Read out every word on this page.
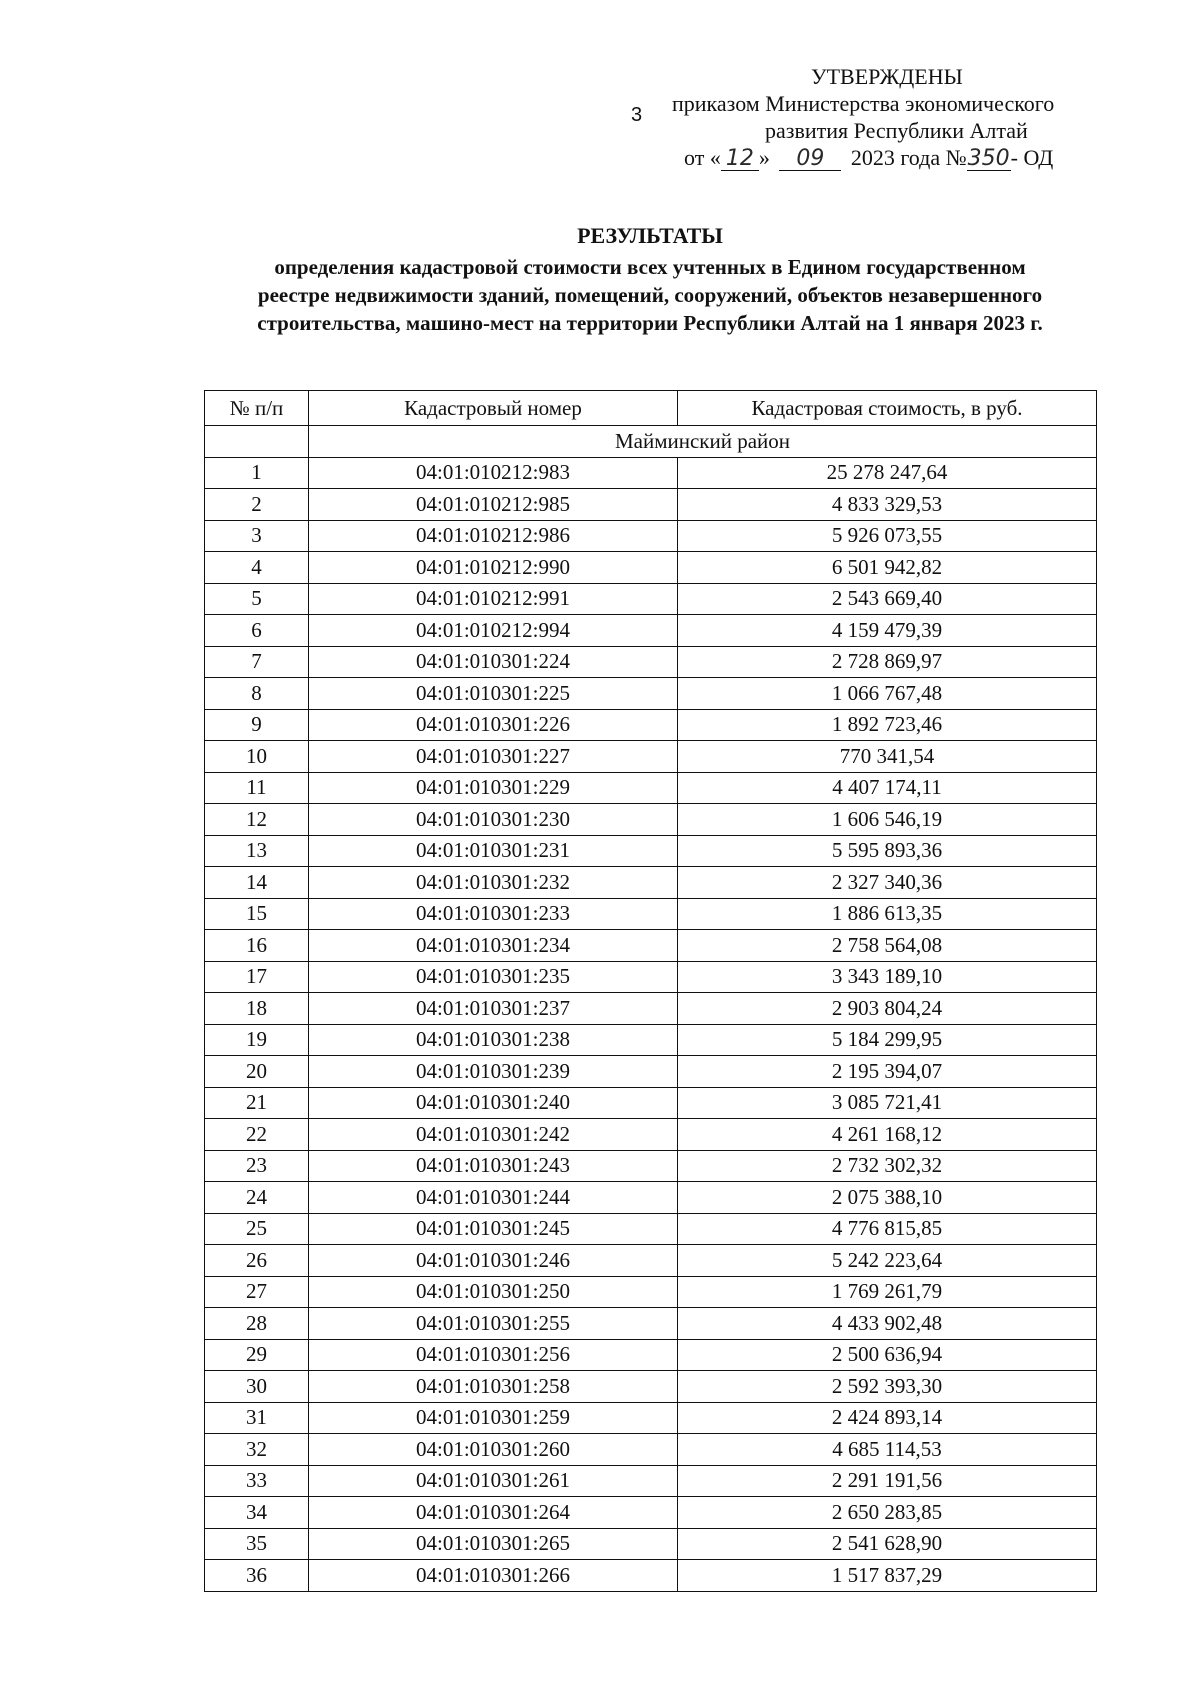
3
УТВЕРЖДЕНЫ
приказом Министерства экономического
развития Республики Алтай
от « 12 » 09 2023 года №350- ОД
РЕЗУЛЬТАТЫ
определения кадастровой стоимости всех учтенных в Едином государственном
реестре недвижимости зданий, помещений, сооружений, объектов незавершенного
строительства, машино-мест на территории Республики Алтай на 1 января 2023 г.
№ п/п	Кадастровый номер	Кадастровая стоимость, в руб.
	Майминский район	
1	04:01:010212:983	25 278 247,64
2	04:01:010212:985	4 833 329,53
3	04:01:010212:986	5 926 073,55
4	04:01:010212:990	6 501 942,82
5	04:01:010212:991	2 543 669,40
6	04:01:010212:994	4 159 479,39
7	04:01:010301:224	2 728 869,97
8	04:01:010301:225	1 066 767,48
9	04:01:010301:226	1 892 723,46
10	04:01:010301:227	770 341,54
11	04:01:010301:229	4 407 174,11
12	04:01:010301:230	1 606 546,19
13	04:01:010301:231	5 595 893,36
14	04:01:010301:232	2 327 340,36
15	04:01:010301:233	1 886 613,35
16	04:01:010301:234	2 758 564,08
17	04:01:010301:235	3 343 189,10
18	04:01:010301:237	2 903 804,24
19	04:01:010301:238	5 184 299,95
20	04:01:010301:239	2 195 394,07
21	04:01:010301:240	3 085 721,41
22	04:01:010301:242	4 261 168,12
23	04:01:010301:243	2 732 302,32
24	04:01:010301:244	2 075 388,10
25	04:01:010301:245	4 776 815,85
26	04:01:010301:246	5 242 223,64
27	04:01:010301:250	1 769 261,79
28	04:01:010301:255	4 433 902,48
29	04:01:010301:256	2 500 636,94
30	04:01:010301:258	2 592 393,30
31	04:01:010301:259	2 424 893,14
32	04:01:010301:260	4 685 114,53
33	04:01:010301:261	2 291 191,56
34	04:01:010301:264	2 650 283,85
35	04:01:010301:265	2 541 628,90
36	04:01:010301:266	1 517 837,29
